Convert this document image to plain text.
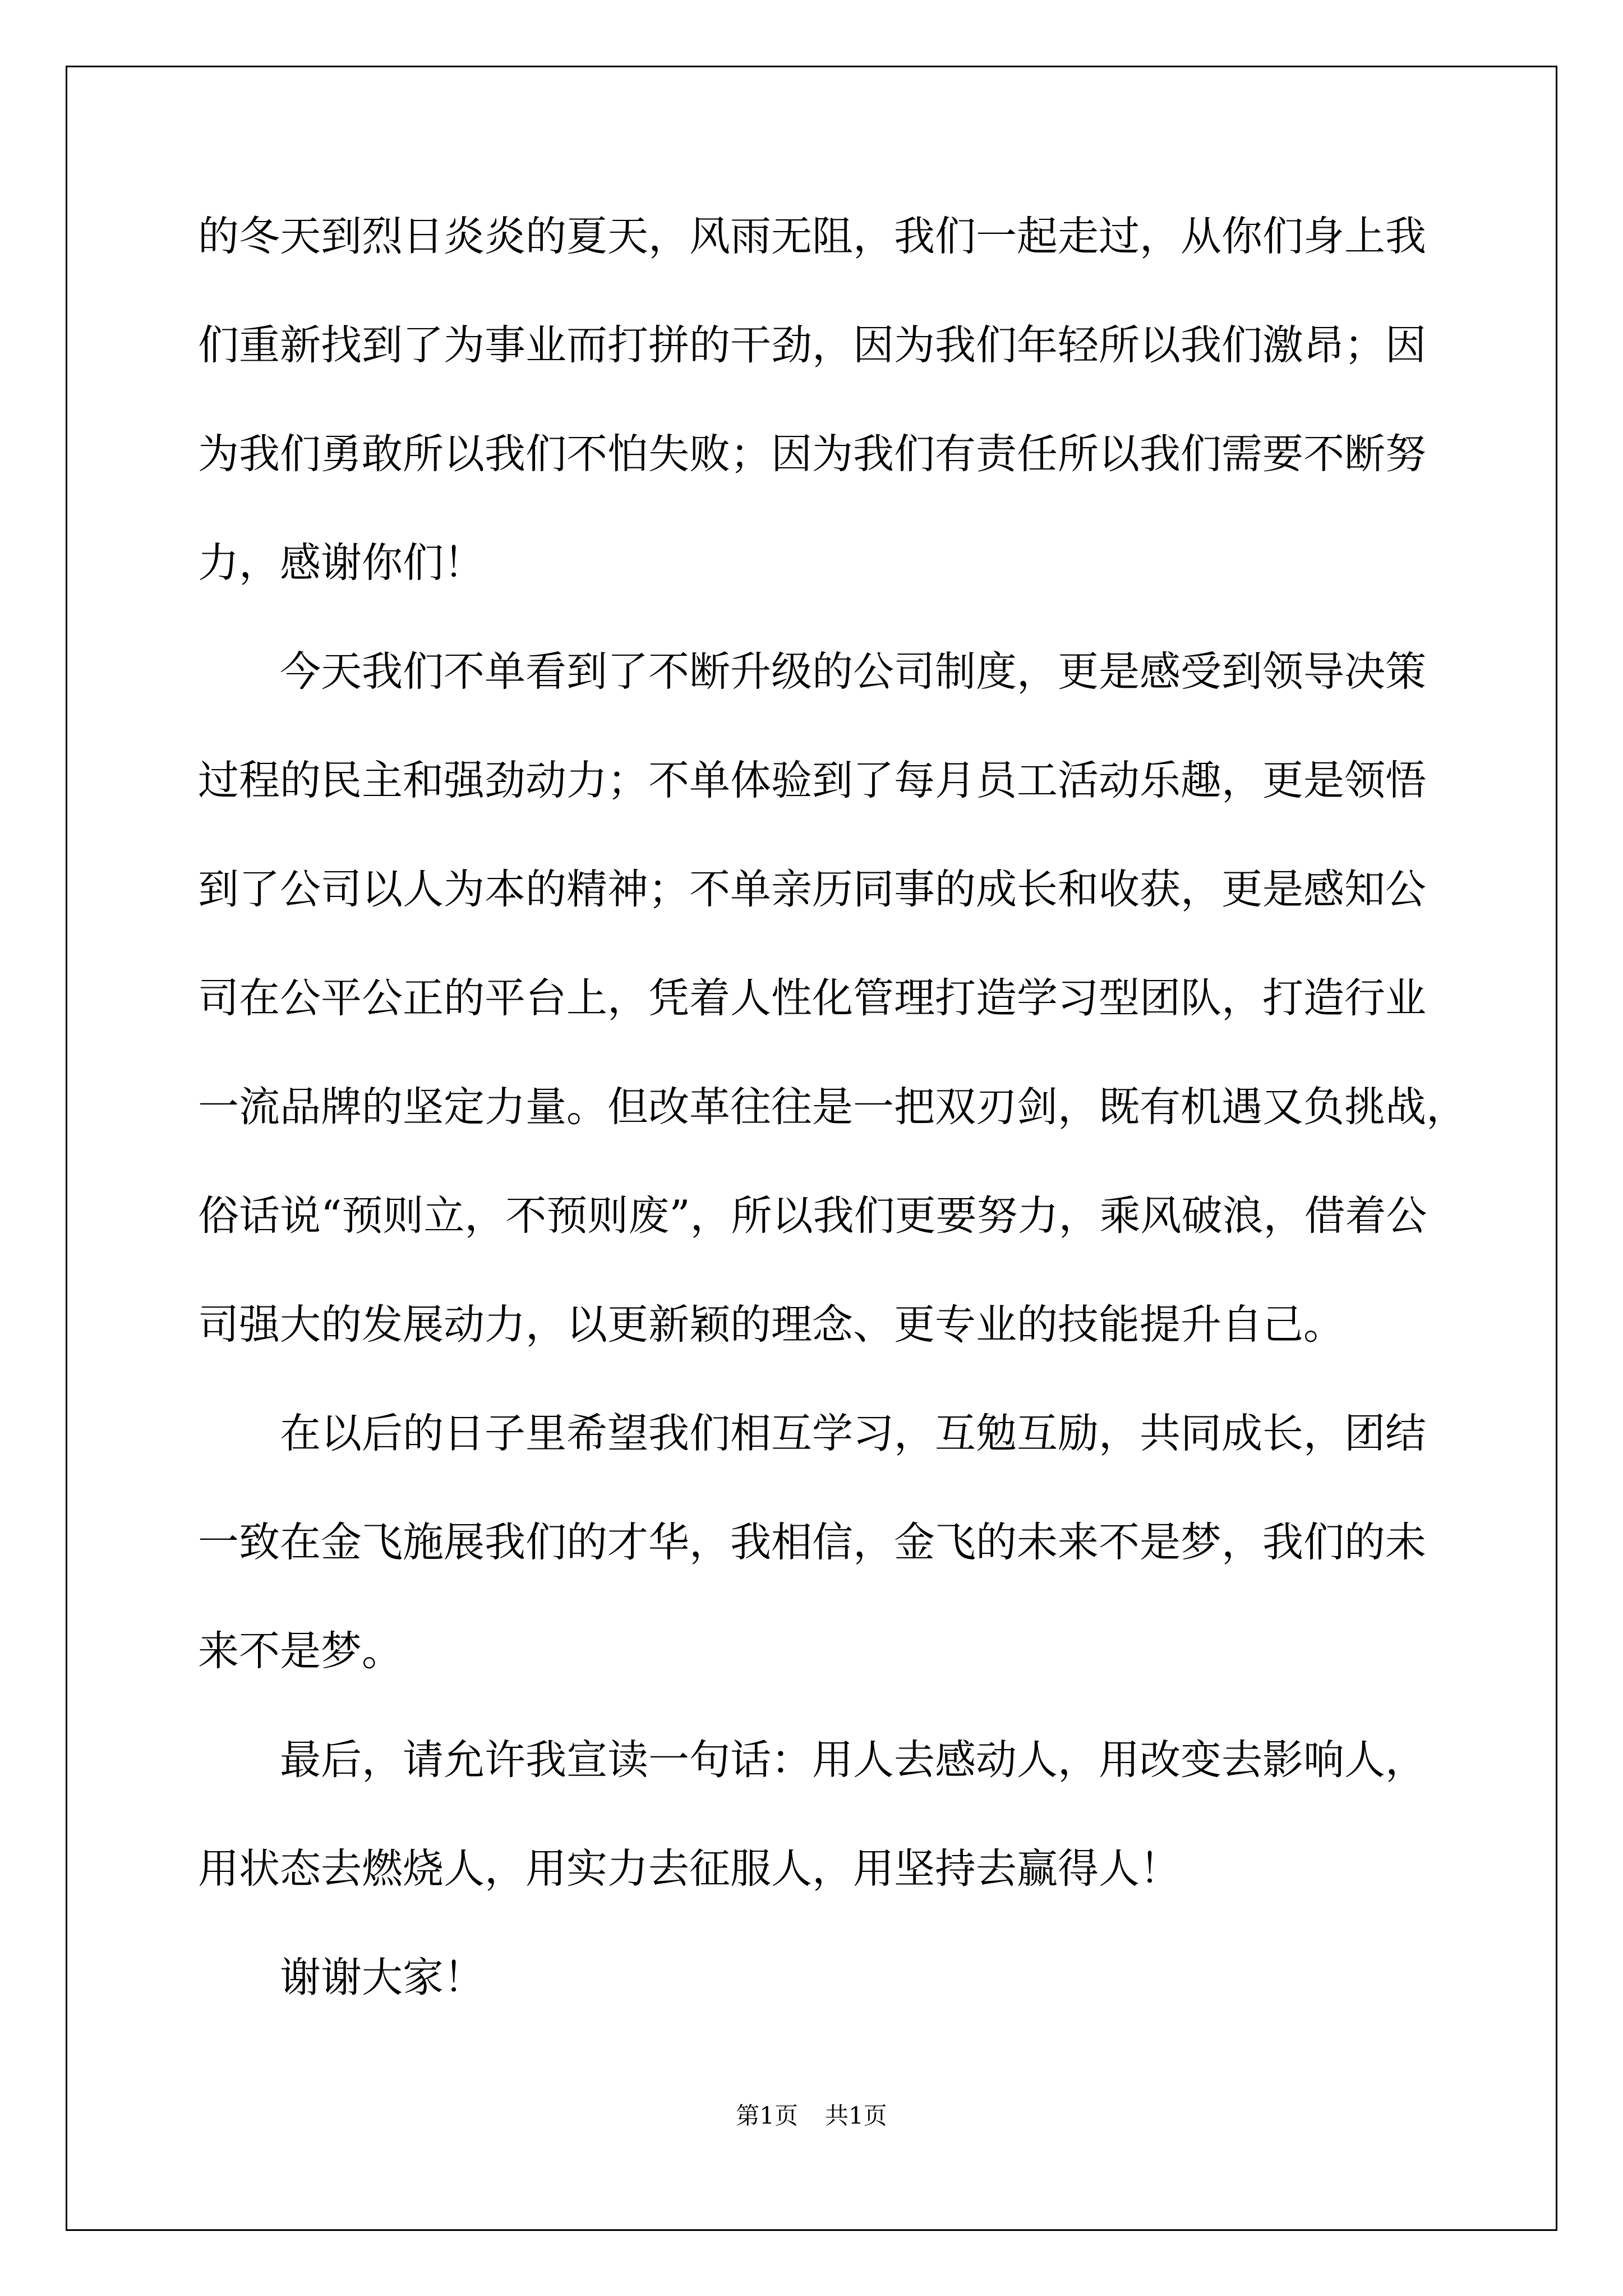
的冬天到烈日炎炎的夏天，风雨无阻，我们一起走过，从你们身上我
们重新找到了为事业而打拼的干劲，因为我们年轻所以我们激昂；因
为我们勇敢所以我们不怕失败；因为我们有责任所以我们需要不断努
力，感谢你们！
今天我们不单看到了不断升级的公司制度，更是感受到领导决策
过程的民主和强劲动力；不单体验到了每月员工活动乐趣，更是领悟
到了公司以人为本的精神；不单亲历同事的成长和收获，更是感知公
司在公平公正的平台上，凭着人性化管理打造学习型团队，打造行业
一流品牌的坚定力量。但改革往往是一把双刃剑，既有机遇又负挑战，
俗话说“预则立，不预则废”，所以我们更要努力，乘风破浪，借着公
司强大的发展动力，以更新颖的理念、更专业的技能提升自己。
在以后的日子里希望我们相互学习，互勉互励，共同成长，团结
一致在金飞施展我们的才华，我相信，金飞的未来不是梦，我们的未
来不是梦。
最后，请允许我宣读一句话：用人去感动人，用改变去影响人，
用状态去燃烧人，用实力去征服人，用坚持去赢得人！
谢谢大家！
第1页 共1页
